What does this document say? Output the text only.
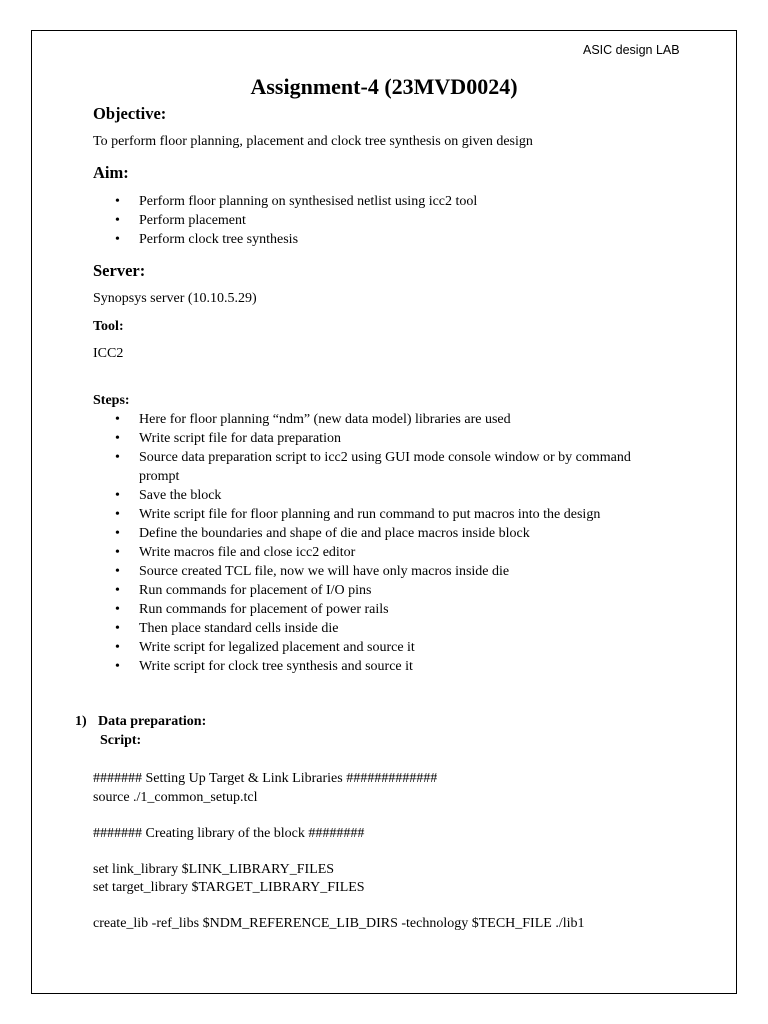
ASIC design LAB
Assignment-4 (23MVD0024)
Objective:
To perform floor planning, placement and clock tree synthesis on given design
Aim:
• Perform floor planning on synthesised netlist using icc2 tool
• Perform placement
• Perform clock tree synthesis
Server:
Synopsys server (10.10.5.29)
Tool:
ICC2
Steps:
• Here for floor planning “ndm” (new data model) libraries are used
• Write script file for data preparation
• Source data preparation script to icc2 using GUI mode console window or by command prompt
• Save the block
• Write script file for floor planning and run command to put macros into the design
• Define the boundaries and shape of die and place macros inside block
• Write macros file and close icc2 editor
• Source created TCL file, now we will have only macros inside die
• Run commands for placement of I/O pins
• Run commands for placement of power rails
• Then place standard cells inside die
• Write script for legalized placement and source it
• Write script for clock tree synthesis and source it
1) Data preparation:
Script:
####### Setting Up Target & Link Libraries #############
source ./1_common_setup.tcl
####### Creating library of the block ########
set link_library $LINK_LIBRARY_FILES
set target_library $TARGET_LIBRARY_FILES
create_lib -ref_libs $NDM_REFERENCE_LIB_DIRS -technology $TECH_FILE ./lib1
